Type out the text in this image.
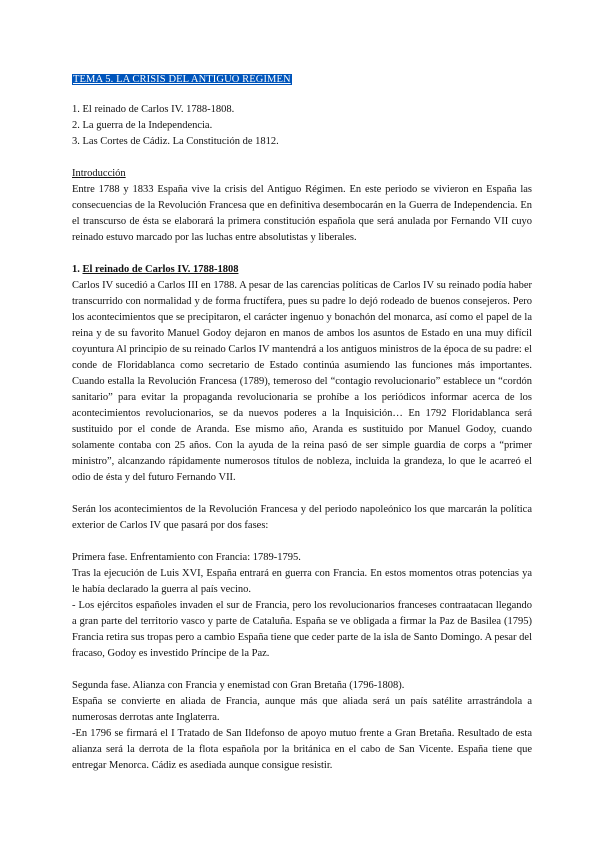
TEMA 5. LA CRISIS DEL ANTIGUO RÉGIMEN
1. El reinado de Carlos IV. 1788-1808.
2. La guerra de la Independencia.
3. Las Cortes de Cádiz. La Constitución de 1812.
Introducción

Entre 1788 y 1833 España vive la crisis del Antiguo Régimen. En este periodo se vivieron en España las consecuencias de la Revolución Francesa que en definitiva desembocarán en la Guerra de Independencia. En el transcurso de ésta se elaborará la primera constitución española que será anulada por Fernando VII cuyo reinado estuvo marcado por las luchas entre absolutistas y liberales.

1. El reinado de Carlos IV. 1788-1808

Carlos IV sucedió a Carlos III en 1788. A pesar de las carencias políticas de Carlos IV su reinado podía haber transcurrido con normalidad y de forma fructífera, pues su padre lo dejó rodeado de buenos consejeros. Pero los acontecimientos que se precipitaron, el carácter ingenuo y bonachón del monarca, así como el papel de la reina y de su favorito Manuel Godoy dejaron en manos de ambos los asuntos de Estado en una muy difícil coyuntura Al principio de su reinado Carlos IV mantendrá a los antiguos ministros de la época de su padre: el conde de Floridablanca como secretario de Estado continúa asumiendo las funciones más importantes. Cuando estalla la Revolución Francesa (1789), temeroso del “contagio revolucionario” establece un “cordón sanitario” para evitar la propaganda revolucionaria se prohíbe a los periódicos informar acerca de los acontecimientos revolucionarios, se da nuevos poderes a la Inquisición… En 1792 Floridablanca será sustituido por el conde de Aranda. Ese mismo año, Aranda es sustituido por Manuel Godoy, cuando solamente contaba con 25 años. Con la ayuda de la reina pasó de ser simple guardia de corps a “primer ministro”, alcanzando rápidamente numerosos títulos de nobleza, incluida la grandeza, lo que le acarreó el odio de ésta y del futuro Fernando VII.

Serán los acontecimientos de la Revolución Francesa y del periodo napoleónico los que marcarán la política exterior de Carlos IV que pasará por dos fases:

Primera fase. Enfrentamiento con Francia: 1789-1795.

Tras la ejecución de Luis XVI, España entrará en guerra con Francia. En estos momentos otras potencias ya le había declarado la guerra al país vecino.

- Los ejércitos españoles invaden el sur de Francia, pero los revolucionarios franceses contraatacan llegando a gran parte del territorio vasco y parte de Cataluña. España se ve obligada a firmar la Paz de Basilea (1795) Francia retira sus tropas pero a cambio España tiene que ceder parte de la isla de Santo Domingo. A pesar del fracaso, Godoy es investido Príncipe de la Paz.

Segunda fase. Alianza con Francia y enemistad con Gran Bretaña (1796-1808).

España se convierte en aliada de Francia, aunque más que aliada será un país satélite arrastrándola a numerosas derrotas ante Inglaterra.

-En 1796 se firmará el I Tratado de San Ildefonso de apoyo mutuo frente a Gran Bretaña. Resultado de esta alianza será la derrota de la flota española por la británica en el cabo de San Vicente. España tiene que entregar Menorca. Cádiz es asediada aunque consigue resistir.
